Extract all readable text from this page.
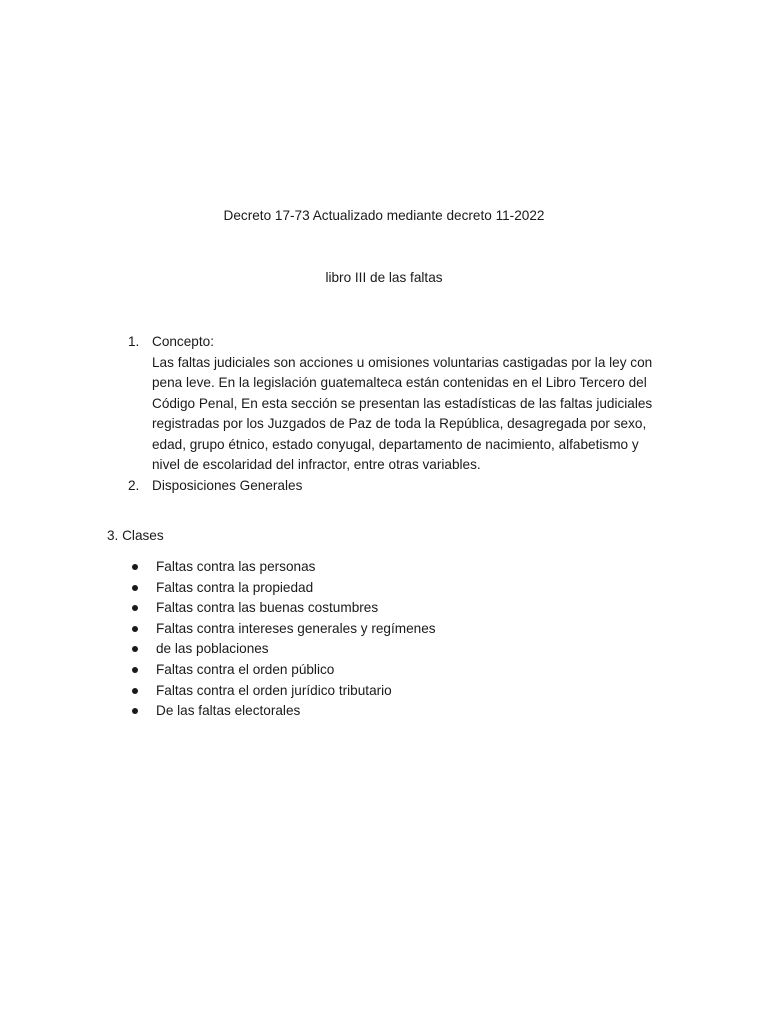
Decreto 17-73 Actualizado mediante decreto 11-2022
libro III de las faltas
1. Concepto:
Las faltas judiciales son acciones u omisiones voluntarias castigadas por la ley con pena leve. En la legislación guatemalteca están contenidas en el Libro Tercero del Código Penal, En esta sección se presentan las estadísticas de las faltas judiciales registradas por los Juzgados de Paz de toda la República, desagregada por sexo, edad, grupo étnico, estado conyugal, departamento de nacimiento, alfabetismo y nivel de escolaridad del infractor, entre otras variables.
2. Disposiciones Generales
3. Clases
Faltas contra las personas
Faltas contra la propiedad
Faltas contra las buenas costumbres
Faltas contra intereses generales y regímenes
de las poblaciones
Faltas contra el orden público
Faltas contra el orden jurídico tributario
De las faltas electorales
